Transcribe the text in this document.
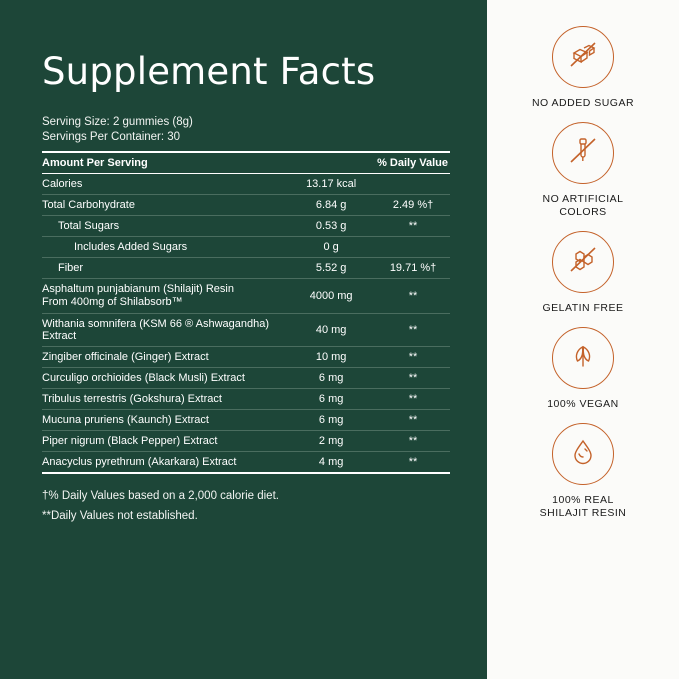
Supplement Facts
Serving Size: 2 gummies (8g)
Servings Per Container: 30
Amount Per Serving		% Daily Value
Calories	13.17 kcal	
Total Carbohydrate	6.84 g	2.49 %†
Total Sugars	0.53 g	**
Includes Added Sugars	0 g	
Fiber	5.52 g	19.71 %†

Asphaltum punjabianum (Shilajit) Resin
From 400mg of Shilabsorb™	4000 mg	**
Withania somnifera (KSM 66 ® Ashwagandha) Extract	40 mg	**
Zingiber officinale (Ginger) Extract	10 mg	**
Curculigo orchioides (Black Musli) Extract	6 mg	**
Tribulus terrestris (Gokshura) Extract	6 mg	**
Mucuna pruriens (Kaunch) Extract	6 mg	**
Piper nigrum (Black Pepper) Extract	2 mg	**
Anacyclus pyrethrum (Akarkara) Extract	4 mg	**
†% Daily Values based on a 2,000 calorie diet.
**Daily Values not established.
NO ADDED SUGAR
NO ARTIFICIAL
COLORS
GELATIN FREE
100% VEGAN
100% REAL
SHILAJIT RESIN
